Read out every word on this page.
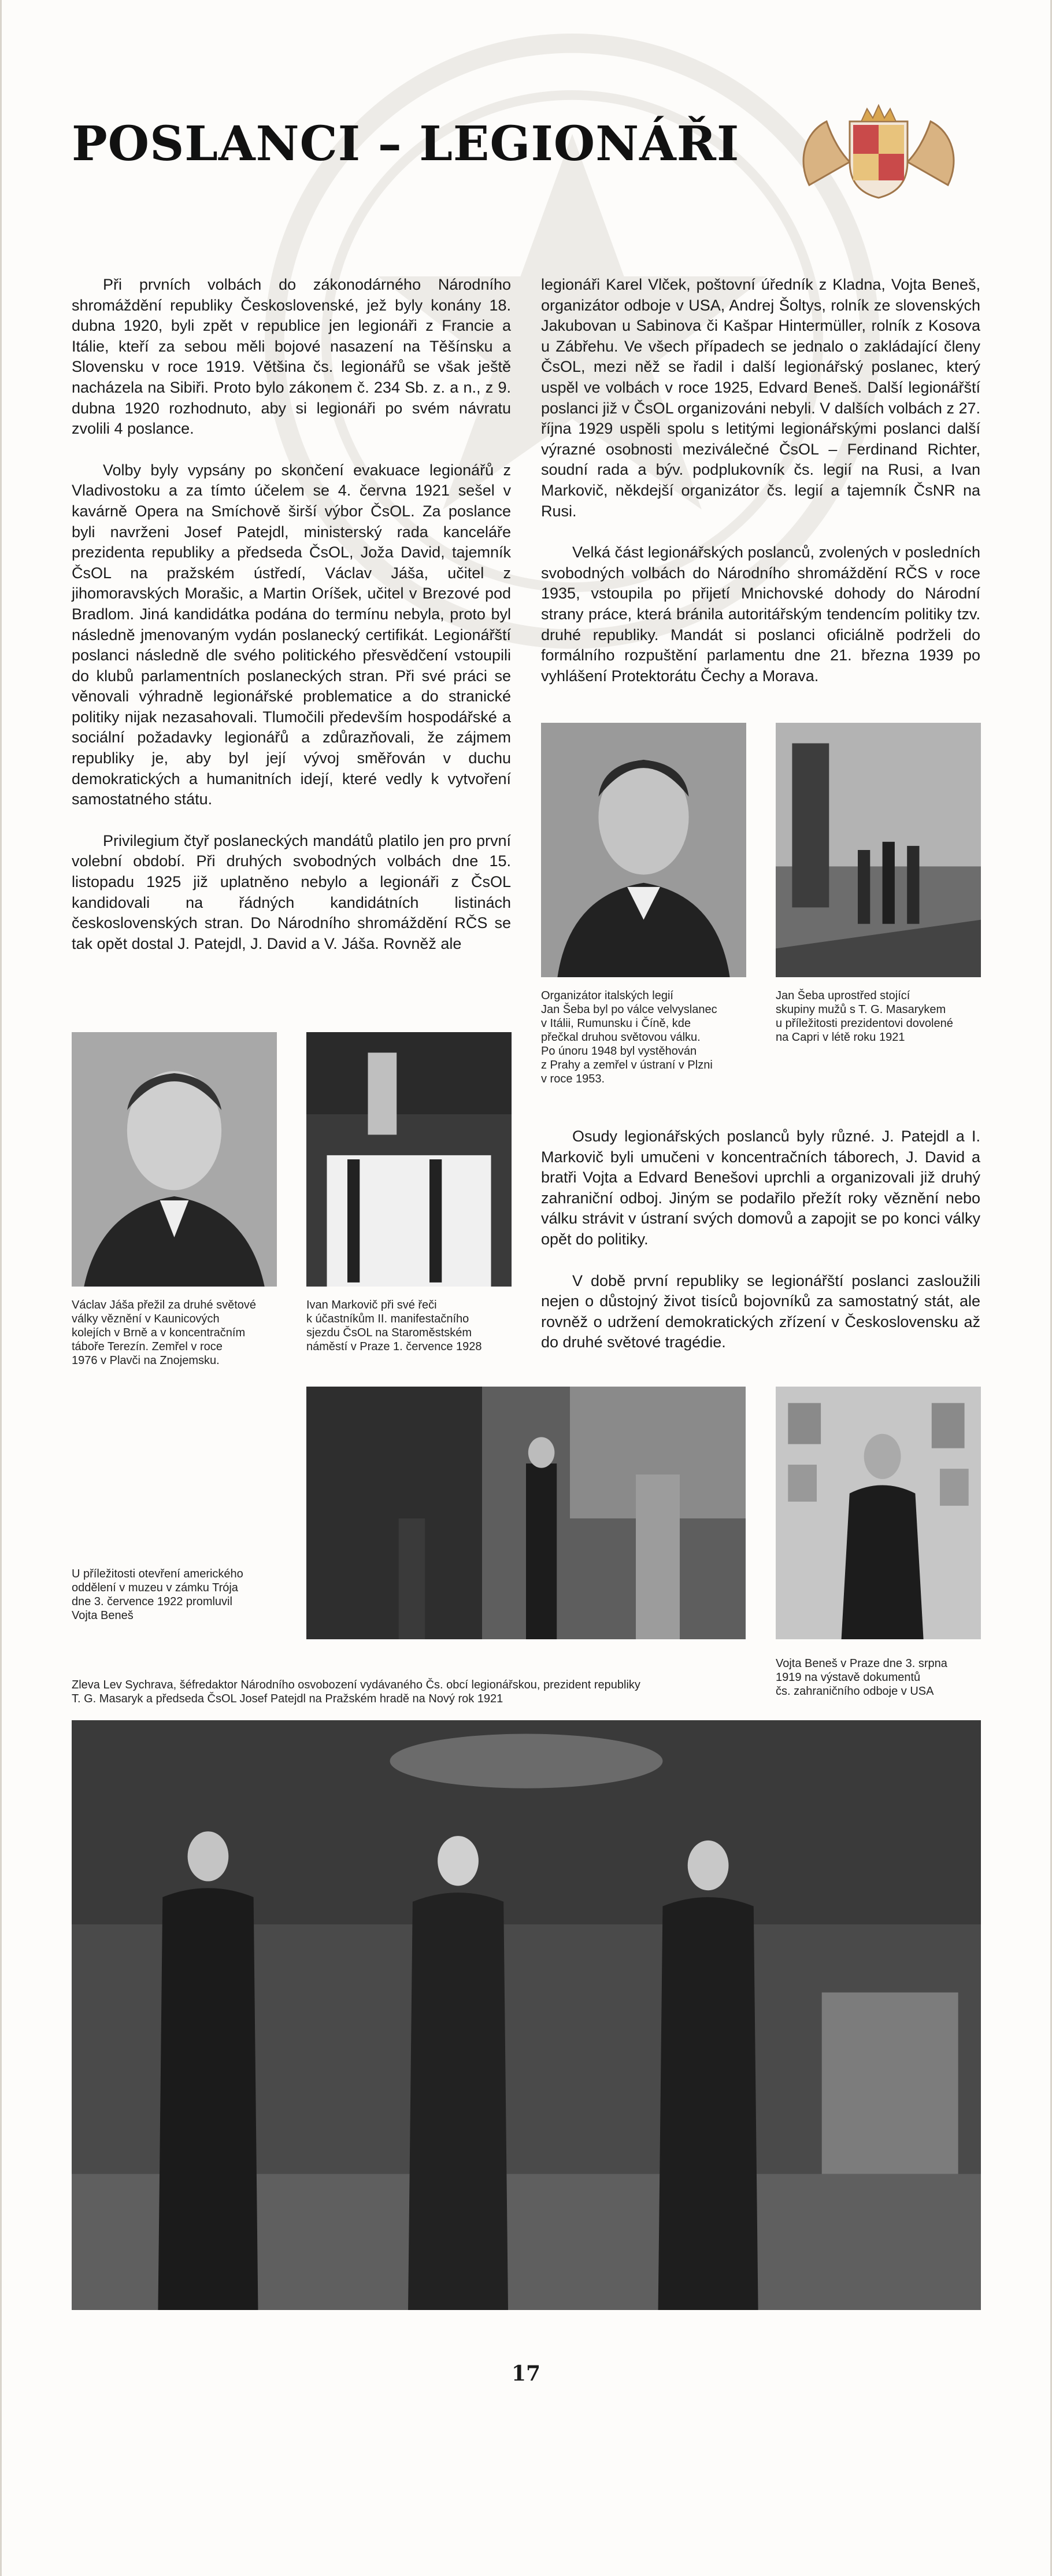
POSLANCI – LEGIONÁŘI

Při prvních volbách do zákonodárného Národního shromáždění republiky Československé, jež byly konány 18. dubna 1920, byli zpět v republice jen legionáři z Francie a Itálie, kteří za sebou měli bojové nasazení na Těšínsku a Slovensku v roce 1919. Většina čs. legionářů se však ještě nacházela na Sibiři. Proto bylo zákonem č. 234 Sb. z. a n., z 9. dubna 1920 rozhodnuto, aby si legionáři po svém návratu zvolili 4 poslance.

Volby byly vypsány po skončení evakuace legionářů z Vladivostoku a za tímto účelem se 4. června 1921 sešel v kavárně Opera na Smíchově širší výbor ČsOL. Za poslance byli navrženi Josef Patejdl, ministerský rada kanceláře prezidenta republiky a předseda ČsOL, Joža David, tajemník ČsOL na pražském ústředí, Václav Jáša, učitel z jihomoravských Morašic, a Martin Oríšek, učitel v Brezové pod Bradlom. Jiná kandidátka podána do termínu nebyla, proto byl následně jmenovaným vydán poslanecký certifikát. Legionářští poslanci následně dle svého politického přesvědčení vstoupili do klubů parlamentních poslaneckých stran. Při své práci se věnovali výhradně legionářské problematice a do stranické politiky nijak nezasahovali. Tlumočili především hospodářské a sociální požadavky legionářů a zdůrazňovali, že zájmem republiky je, aby byl její vývoj směřován v duchu demokratických a humanitních idejí, které vedly k vytvoření samostatného státu.

Privilegium čtyř poslaneckých mandátů platilo jen pro první volební období. Při druhých svobodných volbách dne 15. listopadu 1925 již uplatněno nebylo a legionáři z ČsOL kandidovali na řádných kandidátních listinách československých stran. Do Národního shromáždění RČS se tak opět dostal J. Patejdl, J. David a V. Jáša. Rovněž ale

legionáři Karel Vlček, poštovní úředník z Kladna, Vojta Beneš, organizátor odboje v USA, Andrej Šoltys, rolník ze slovenských Jakubovan u Sabinova či Kašpar Hintermüller, rolník z Kosova u Zábřehu. Ve všech případech se jednalo o zakládající členy ČsOL, mezi něž se řadil i další legionářský poslanec, který uspěl ve volbách v roce 1925, Edvard Beneš. Další legionářští poslanci již v ČsOL organizováni nebyli. V dalších volbách z 27. října 1929 uspěli spolu s letitými legionářskými poslanci další výrazné osobnosti meziválečné ČsOL – Ferdinand Richter, soudní rada a býv. podplukovník čs. legií na Rusi, a Ivan Markovič, někdejší organizátor čs. legií a tajemník ČsNR na Rusi.

Velká část legionářských poslanců, zvolených v posledních svobodných volbách do Národního shromáždění RČS v roce 1935, vstoupila po přijetí Mnichovské dohody do Národní strany práce, která bránila autoritářským tendencím politiky tzv. druhé republiky. Mandát si poslanci oficiálně podrželi do formálního rozpuštění parlamentu dne 21. března 1939 po vyhlášení Protektorátu Čechy a Morava.

Organizátor italských legií
Jan Šeba byl po válce velvyslanec
v Itálii, Rumunsku i Číně, kde
přečkal druhou světovou válku.
Po únoru 1948 byl vystěhován
z Prahy a zemřel v ústraní v Plzni
v roce 1953.
Jan Šeba uprostřed stojící
skupiny mužů s T. G. Masarykem
u příležitosti prezidentovi dovolené
na Capri v létě roku 1921
Václav Jáša přežil za druhé světové války věznění v Kaunicových
kolejích v Brně a v koncentračním
táboře Terezín. Zemřel v roce
1976 v Plavči na Znojemsku.
Ivan Markovič při své řeči
k účastníkům II. manifestačního
sjezdu ČsOL na Staroměstském
náměstí v Praze 1. července 1928

Osudy legionářských poslanců byly různé. J. Patejdl a I. Markovič byli umučeni v koncentračních táborech, J. David a bratři Vojta a Edvard Benešovi uprchli a organizovali již druhý zahraniční odboj. Jiným se podařilo přežít roky věznění nebo válku strávit v ústraní svých domovů a zapojit se po konci války opět do politiky.

V době první republiky se legionářští poslanci zasloužili nejen o důstojný život tisíců bojovníků za samostatný stát, ale rovněž o udržení demokratických zřízení v Československu až do druhé světové tragédie.

U příležitosti otevření amerického
oddělení v muzeu v zámku Trója
dne 3. července 1922 promluvil
Vojta Beneš
Vojta Beneš v Praze dne 3. srpna
1919 na výstavě dokumentů
čs. zahraničního odboje v USA
Zleva Lev Sychrava, šéfredaktor Národního osvobození vydávaného Čs. obcí legionářskou, prezident republiky
T. G. Masaryk a předseda ČsOL Josef Patejdl na Pražském hradě na Nový rok 1921
17
